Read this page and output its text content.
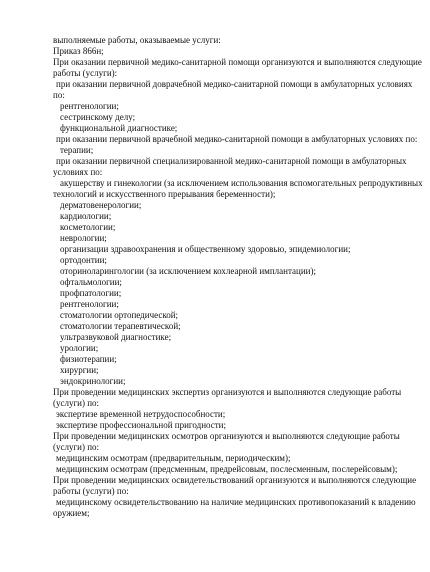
выполняемые работы, оказываемые услуги:
Приказ 866н;
При оказании первичной медико-санитарной помощи организуются и выполняются следующие
работы (услуги):
при оказании первичной доврачебной медико-санитарной помощи в амбулаторных условиях
по:
рентгенологии;
сестринскому делу;
функциональной диагностике;
при оказании первичной врачебной медико-санитарной помощи в амбулаторных условиях по:
терапии;
при оказании первичной специализированной медико-санитарной помощи в амбулаторных
условиях по:
акушерству и гинекологии (за исключением использования вспомогательных репродуктивных
технологий и искусственного прерывания беременности);
дерматовенерологии;
кардиологии;
косметологии;
неврологии;
организации здравоохранения и общественному здоровью, эпидемиологии;
ортодонтии;
оториноларингологии (за исключением кохлеарной имплантации);
офтальмологии;
профпатологии;
рентгенологии;
стоматологии ортопедической;
стоматологии терапевтической;
ультразвуковой диагностике;
урологии;
физиотерапии;
хирургии;
эндокринологии;
При проведении медицинских экспертиз организуются и выполняются следующие работы
(услуги) по:
экспертизе временной нетрудоспособности;
экспертизе профессиональной пригодности;
При проведении медицинских осмотров организуются и выполняются следующие работы
(услуги) по:
медицинским осмотрам (предварительным, периодическим);
медицинским осмотрам (предсменным, предрейсовым, послесменным, послерейсовым);
При проведении медицинских освидетельствований организуются и выполняются следующие
работы (услуги) по:
медицинскому освидетельствованию на наличие медицинских противопоказаний к владению
оружием;
